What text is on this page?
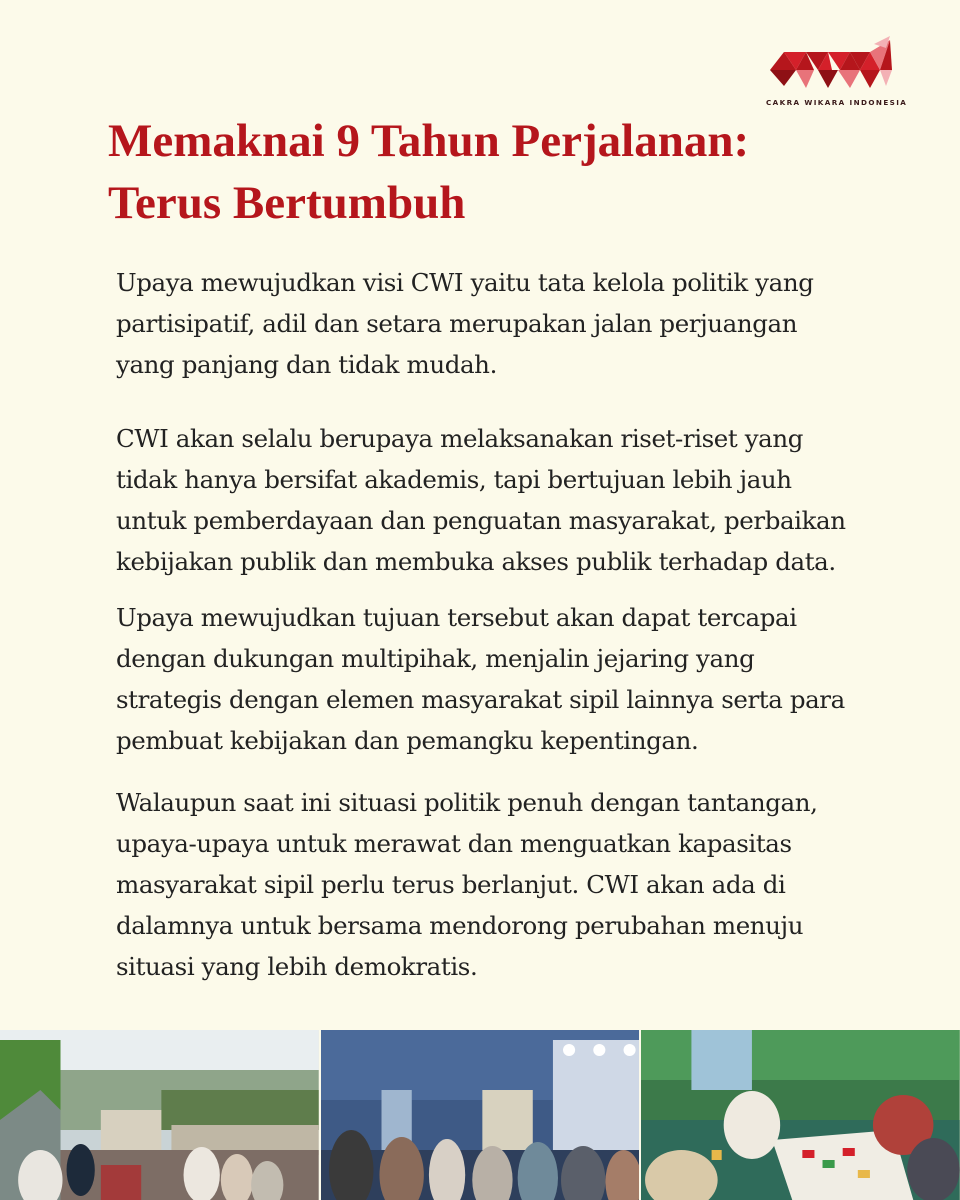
CAKRA WIKARA INDONESIA
Memaknai 9 Tahun Perjalanan:
Terus Bertumbuh

Upaya mewujudkan visi CWI yaitu tata kelola politik yang
partisipatif, adil dan setara merupakan jalan perjuangan
yang panjang dan tidak mudah.

CWI akan selalu berupaya melaksanakan riset-riset yang
tidak hanya bersifat akademis, tapi bertujuan lebih jauh
untuk pemberdayaan dan penguatan masyarakat, perbaikan
kebijakan publik dan membuka akses publik terhadap data.

Upaya mewujudkan tujuan tersebut akan dapat tercapai
dengan dukungan multipihak, menjalin jejaring yang
strategis dengan elemen masyarakat sipil lainnya serta para
pembuat kebijakan dan pemangku kepentingan.

Walaupun saat ini situasi politik penuh dengan tantangan,
upaya-upaya untuk merawat dan menguatkan kapasitas
masyarakat sipil perlu terus berlanjut. CWI akan ada di
dalamnya untuk bersama mendorong perubahan menuju
situasi yang lebih demokratis.
